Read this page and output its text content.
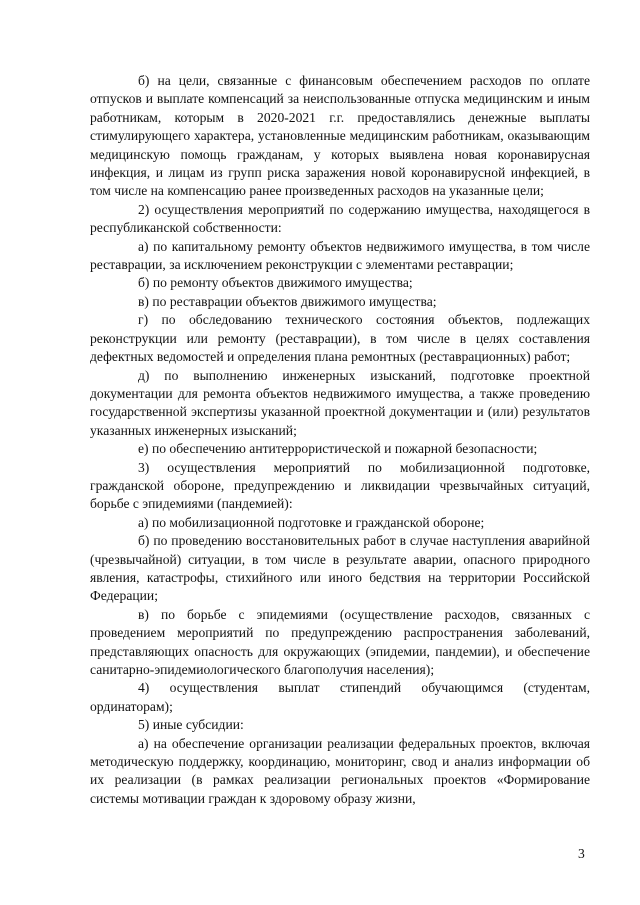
б) на цели, связанные с финансовым обеспечением расходов по оплате отпусков и выплате компенсаций за неиспользованные отпуска медицинским и иным работникам, которым в 2020-2021 г.г. предоставлялись денежные выплаты стимулирующего характера, установленные медицинским работникам, оказывающим медицинскую помощь гражданам, у которых выявлена новая коронавирусная инфекция, и лицам из групп риска заражения новой коронавирусной инфекцией, в том числе на компенсацию ранее произведенных расходов на указанные цели;

2) осуществления мероприятий по содержанию имущества, находящегося в республиканской собственности:

а) по капитальному ремонту объектов недвижимого имущества, в том числе реставрации, за исключением реконструкции с элементами реставрации;

б) по ремонту объектов движимого имущества;

в) по реставрации объектов движимого имущества;

г) по обследованию технического состояния объектов, подлежащих реконструкции или ремонту (реставрации), в том числе в целях составления дефектных ведомостей и определения плана ремонтных (реставрационных) работ;

д) по выполнению инженерных изысканий, подготовке проектной документации для ремонта объектов недвижимого имущества, а также проведению государственной экспертизы указанной проектной документации и (или) результатов указанных инженерных изысканий;

е) по обеспечению антитеррористической и пожарной безопасности;

3) осуществления мероприятий по мобилизационной подготовке, гражданской обороне, предупреждению и ликвидации чрезвычайных ситуаций, борьбе с эпидемиями (пандемией):

а) по мобилизационной подготовке и гражданской обороне;

б) по проведению восстановительных работ в случае наступления аварийной (чрезвычайной) ситуации, в том числе в результате аварии, опасного природного явления, катастрофы, стихийного или иного бедствия на территории Российской Федерации;

в) по борьбе с эпидемиями (осуществление расходов, связанных с проведением мероприятий по предупреждению распространения заболеваний, представляющих опасность для окружающих (эпидемии, пандемии), и обеспечение санитарно-эпидемиологического благополучия населения);

4) осуществления выплат стипендий обучающимся (студентам, ординаторам);

5) иные субсидии:

а) на обеспечение организации реализации федеральных проектов, включая методическую поддержку, координацию, мониторинг, свод и анализ информации об их реализации (в рамках реализации региональных проектов «Формирование системы мотивации граждан к здоровому образу жизни,

3
